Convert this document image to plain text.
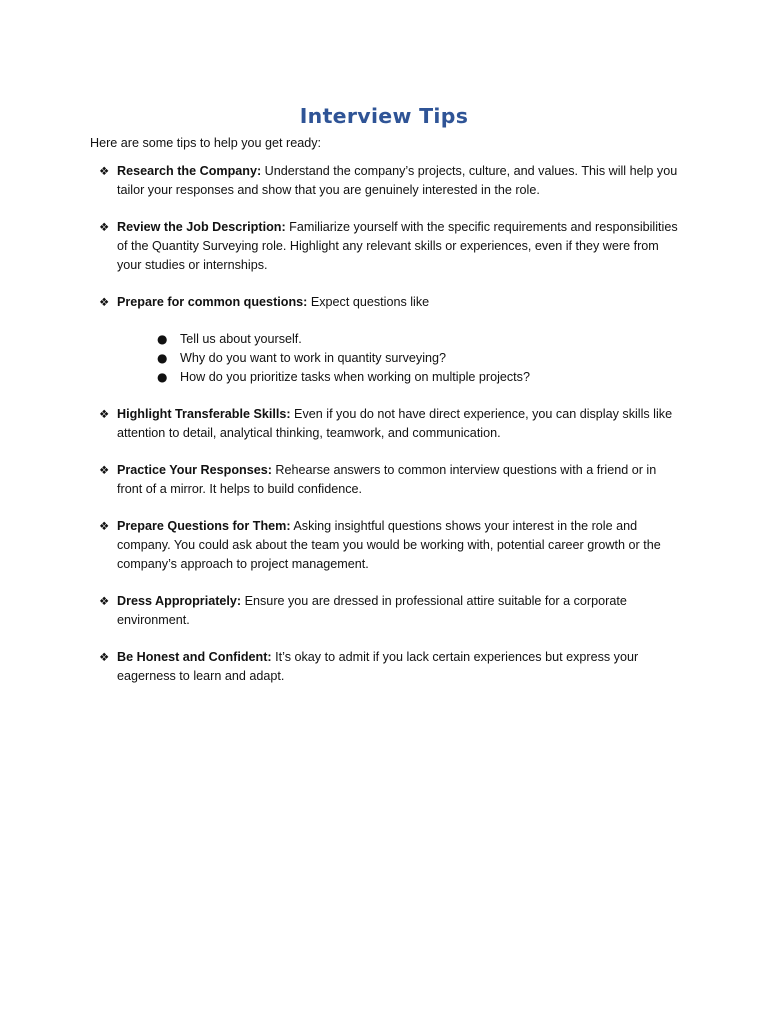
Interview Tips

Here are some tips to help you get ready:

❖ Research the Company: Understand the company’s projects, culture, and values. This will help you tailor your responses and show that you are genuinely interested in the role.
❖ Review the Job Description: Familiarize yourself with the specific requirements and responsibilities of the Quantity Surveying role. Highlight any relevant skills or experiences, even if they were from your studies or internships.
❖ Prepare for common questions: Expect questions like
● Tell us about yourself.
● Why do you want to work in quantity surveying?
● How do you prioritize tasks when working on multiple projects?
❖ Highlight Transferable Skills: Even if you do not have direct experience, you can display skills like attention to detail, analytical thinking, teamwork, and communication.
❖ Practice Your Responses: Rehearse answers to common interview questions with a friend or in front of a mirror. It helps to build confidence.
❖ Prepare Questions for Them: Asking insightful questions shows your interest in the role and company. You could ask about the team you would be working with, potential career growth or the company’s approach to project management.
❖ Dress Appropriately: Ensure you are dressed in professional attire suitable for a corporate environment.
❖ Be Honest and Confident: It’s okay to admit if you lack certain experiences but express your eagerness to learn and adapt.
